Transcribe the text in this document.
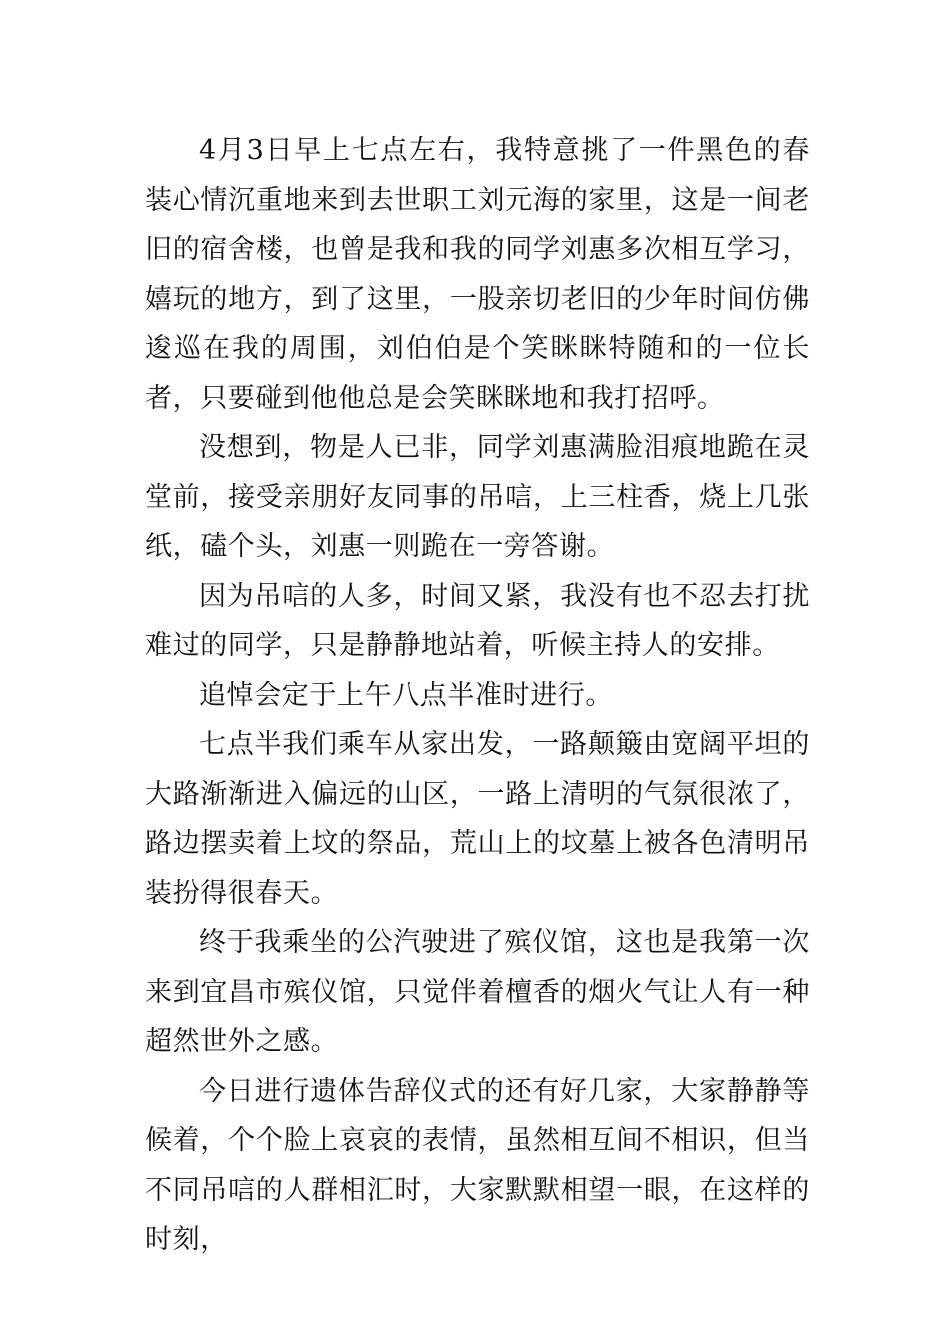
4月3日早上七点左右，我特意挑了一件黑色的春装心情沉重地来到去世职工刘元海的家里，这是一间老旧的宿舍楼，也曾是我和我的同学刘惠多次相互学习，嬉玩的地方，到了这里，一股亲切老旧的少年时间仿佛逡巡在我的周围，刘伯伯是个笑眯眯特随和的一位长者，只要碰到他他总是会笑眯眯地和我打招呼。

没想到，物是人已非，同学刘惠满脸泪痕地跪在灵堂前，接受亲朋好友同事的吊唁，上三柱香，烧上几张纸，磕个头，刘惠一则跪在一旁答谢。

因为吊唁的人多，时间又紧，我没有也不忍去打扰难过的同学，只是静静地站着，听候主持人的安排。

追悼会定于上午八点半准时进行。

七点半我们乘车从家出发，一路颠簸由宽阔平坦的大路渐渐进入偏远的山区，一路上清明的气氛很浓了，路边摆卖着上坟的祭品，荒山上的坟墓上被各色清明吊装扮得很春天。

终于我乘坐的公汽驶进了殡仪馆，这也是我第一次来到宜昌市殡仪馆，只觉伴着檀香的烟火气让人有一种超然世外之感。

今日进行遗体告辞仪式的还有好几家，大家静静等候着，个个脸上哀哀的表情，虽然相互间不相识，但当不同吊唁的人群相汇时，大家默默相望一眼，在这样的时刻，
